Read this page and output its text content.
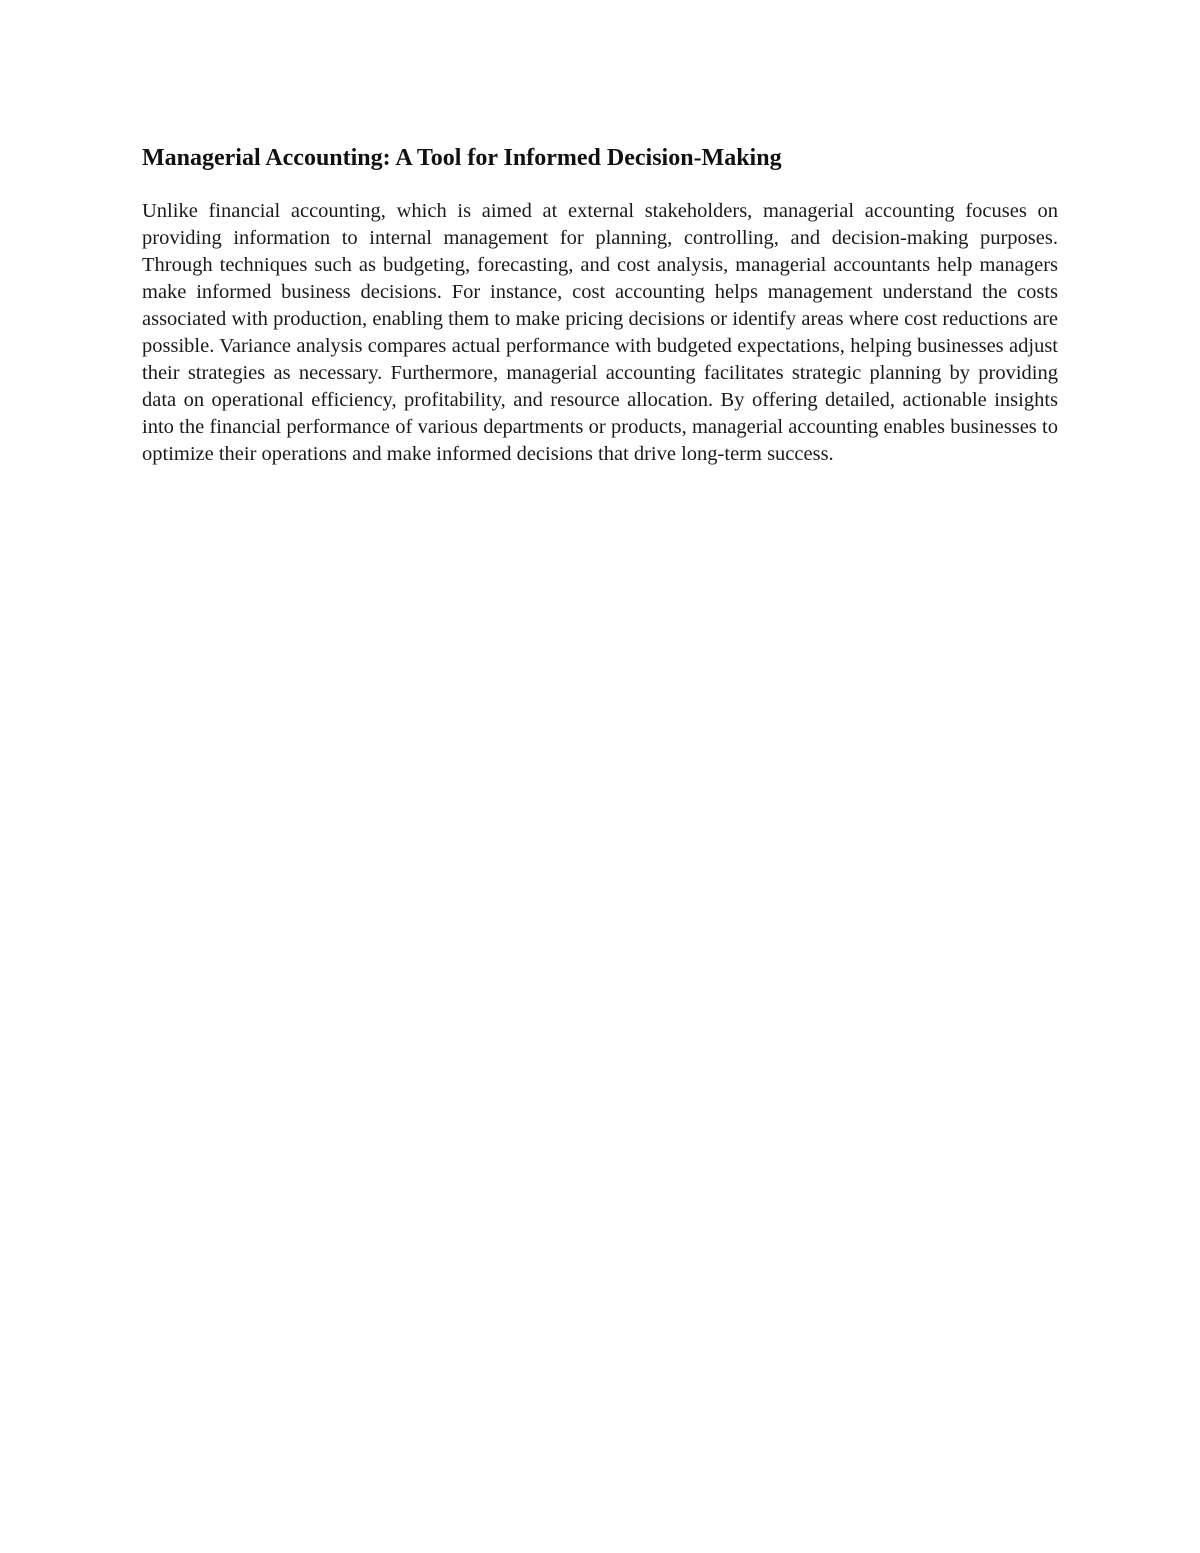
Managerial Accounting: A Tool for Informed Decision-Making

Unlike financial accounting, which is aimed at external stakeholders, managerial accounting focuses on providing information to internal management for planning, controlling, and decision-making purposes. Through techniques such as budgeting, forecasting, and cost analysis, managerial accountants help managers make informed business decisions. For instance, cost accounting helps management understand the costs associated with production, enabling them to make pricing decisions or identify areas where cost reductions are possible. Variance analysis compares actual performance with budgeted expectations, helping businesses adjust their strategies as necessary. Furthermore, managerial accounting facilitates strategic planning by providing data on operational efficiency, profitability, and resource allocation. By offering detailed, actionable insights into the financial performance of various departments or products, managerial accounting enables businesses to optimize their operations and make informed decisions that drive long-term success.
